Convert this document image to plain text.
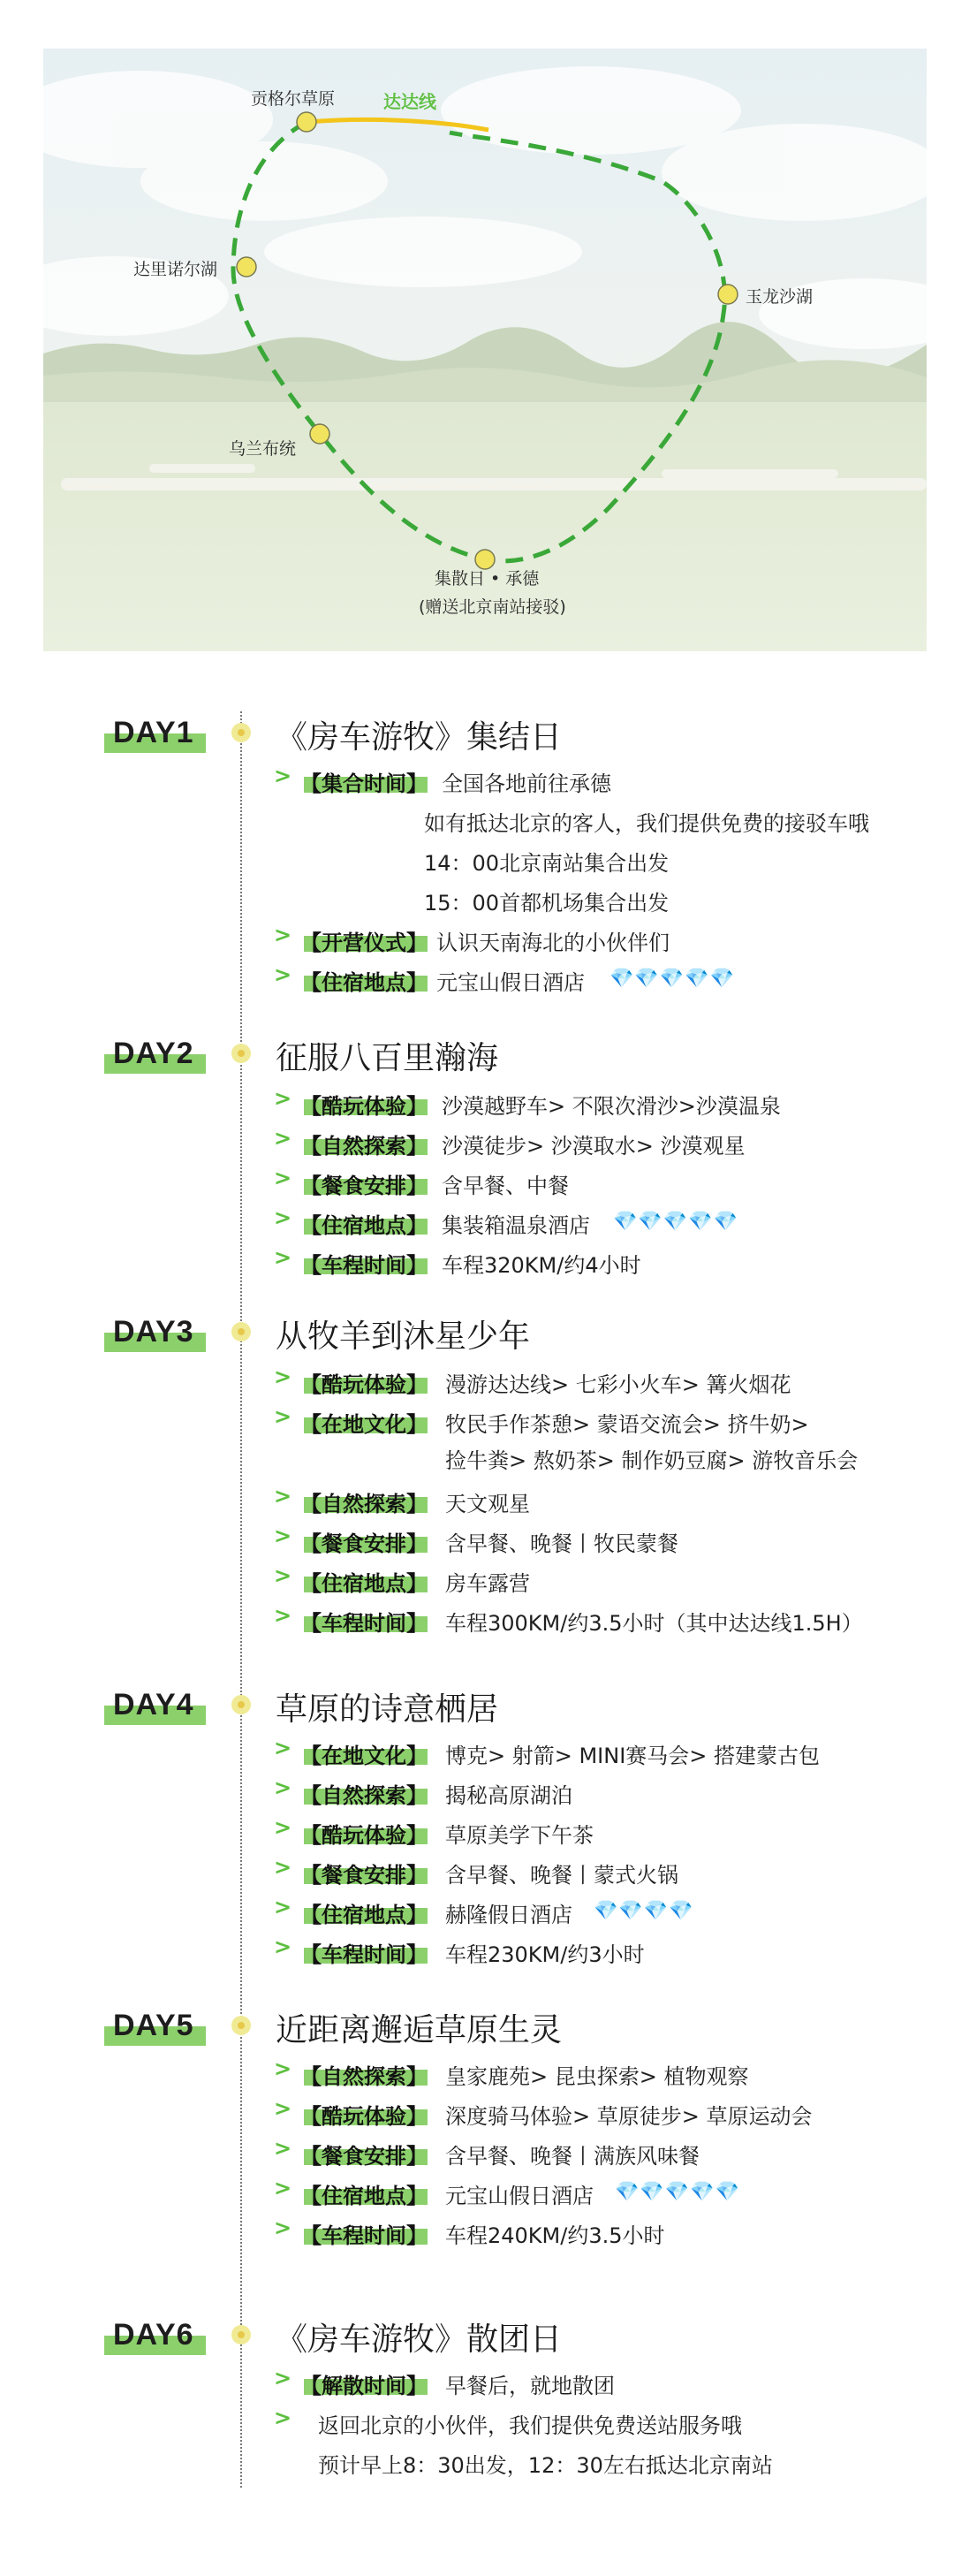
贡格尔草原	达达线
达里诺尔湖
玉龙沙湖
乌兰布统
集散日 • 承德
(赠送北京南站接驳)
DAY1	《房车游牧》集结日
> 【集合时间】 全国各地前往承德
如有抵达北京的客人，我们提供免费的接驳车哦
14：00北京南站集合出发
15：00首都机场集合出发
> 【开营仪式】 认识天南海北的小伙伴们
> 【住宿地点】 元宝山假日酒店 💎💎💎💎💎
DAY2	征服八百里瀚海
> 【酷玩体验】 沙漠越野车> 不限次滑沙>沙漠温泉
> 【自然探索】 沙漠徒步> 沙漠取水> 沙漠观星
> 【餐食安排】 含早餐、中餐
> 【住宿地点】 集装箱温泉酒店 💎💎💎💎💎
> 【车程时间】 车程320KM/约4小时
DAY3	从牧羊到沐星少年
> 【酷玩体验】 漫游达达线> 七彩小火车> 篝火烟花
> 【在地文化】 牧民手作茶憩> 蒙语交流会> 挤牛奶>
捡牛粪> 熬奶茶> 制作奶豆腐> 游牧音乐会
> 【自然探索】 天文观星
> 【餐食安排】 含早餐、晚餐丨牧民蒙餐
> 【住宿地点】 房车露营
> 【车程时间】 车程300KM/约3.5小时（其中达达线1.5H）
DAY4	草原的诗意栖居
> 【在地文化】 博克> 射箭> MINI赛马会> 搭建蒙古包
> 【自然探索】 揭秘高原湖泊
> 【酷玩体验】 草原美学下午茶
> 【餐食安排】 含早餐、晚餐丨蒙式火锅
> 【住宿地点】 赫隆假日酒店 💎💎💎💎
> 【车程时间】 车程230KM/约3小时
DAY5	近距离邂逅草原生灵
> 【自然探索】 皇家鹿苑> 昆虫探索> 植物观察
> 【酷玩体验】 深度骑马体验> 草原徒步> 草原运动会
> 【餐食安排】 含早餐、晚餐丨满族风味餐
> 【住宿地点】 元宝山假日酒店 💎💎💎💎💎
> 【车程时间】 车程240KM/约3.5小时
DAY6	《房车游牧》散团日
> 【解散时间】 早餐后，就地散团
> 返回北京的小伙伴，我们提供免费送站服务哦
预计早上8：30出发，12：30左右抵达北京南站
